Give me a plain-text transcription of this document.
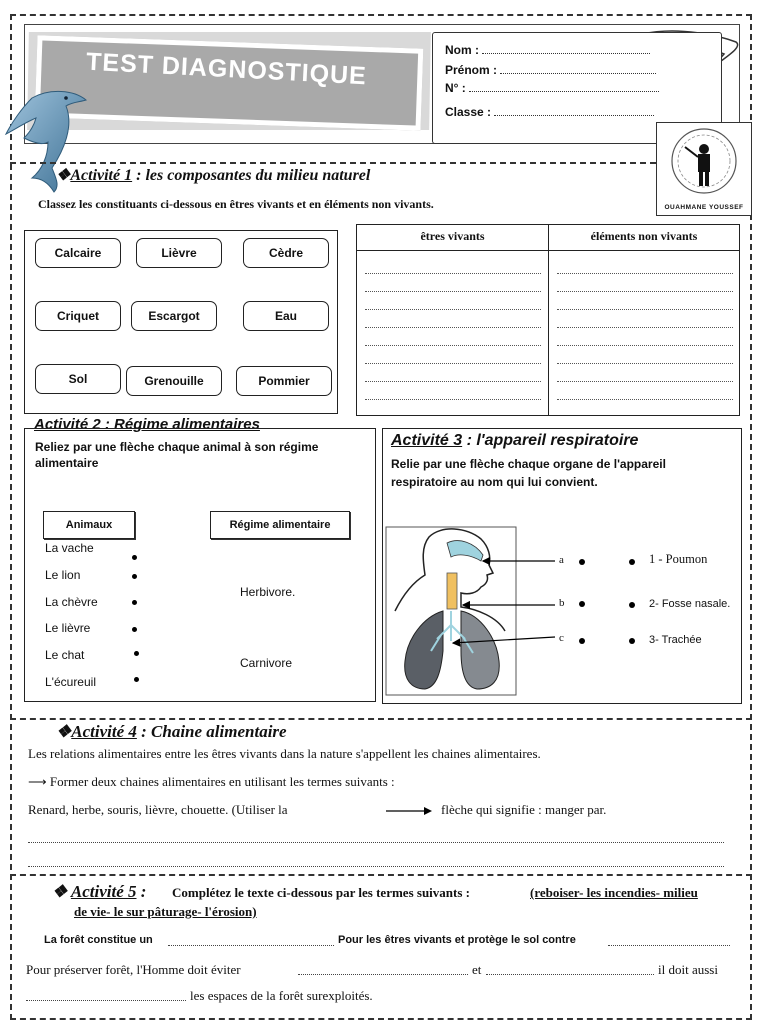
TEST DIAGNOSTIQUE	Nom :
Prénom :
N° :
Classe :
OUAHMANE YOUSSEF
❖Activité 1 : les composantes du milieu naturel
Classez les constituants ci-dessous en êtres vivants et en éléments non vivants.
Calcaire	Lièvre	Cèdre
Criquet	Escargot	Eau
Sol	Grenouille	Pommier
êtres vivants	éléments non vivants
Activité 2 : Régime alimentaires
Reliez par une flèche chaque animal à son régime alimentaire
Animaux	Régime alimentaire
La vache
Le lion
La chèvre
Le lièvre
Le chat
L'écureuil
Herbivore.
Carnivore
Activité 3 : l'appareil respiratoire
Relie par une flèche chaque organe de l'appareil respiratoire au nom qui lui convient.
a
b
c
1 - Poumon
2- Fosse nasale.
3- Trachée
❖Activité 4 : Chaine alimentaire
Les relations alimentaires entre les êtres vivants dans la nature s'appellent les chaines alimentaires.
⟶ Former deux chaines alimentaires en utilisant les termes suivants :
Renard, herbe, souris, lièvre, chouette. (Utiliser la	flèche qui signifie : manger par.
❖ Activité 5 : Complétez le texte ci-dessous par les termes suivants :	(reboiser- les incendies- milieu
de vie- le sur pâturage- l'érosion)
La forêt constitue un	Pour les êtres vivants et protège le sol contre
Pour préserver forêt, l'Homme doit éviter	et	il doit aussi
les espaces de la forêt surexploités.
